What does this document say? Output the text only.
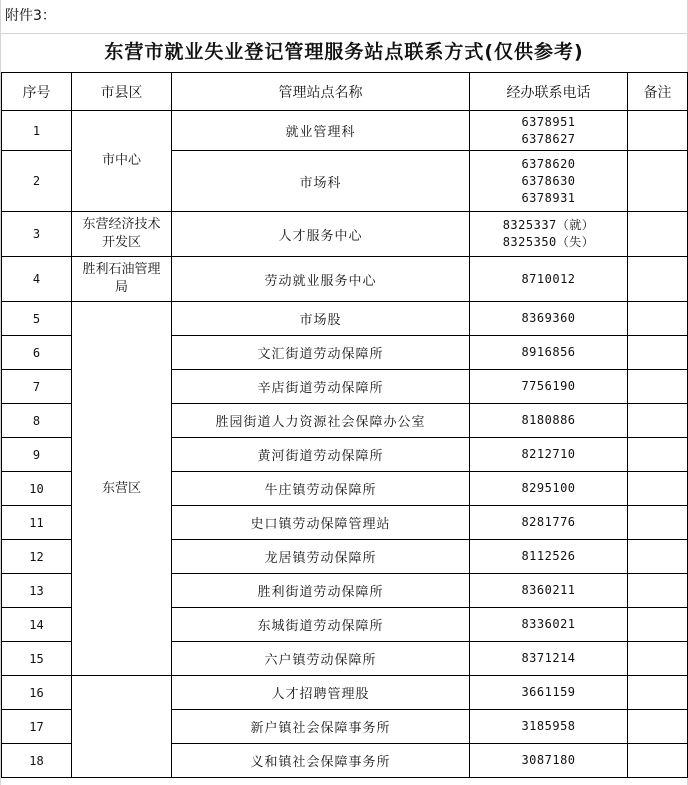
附件3：
东营市就业失业登记管理服务站点联系方式(仅供参考)
序号	市县区	管理站点名称	经办联系电话	备注
1	市中心	就业管理科	6378951
6378627	

2		市场科	6378620
6378630
6378931	

3	东营经济技术开发区	人才服务中心	8325337（就）
8325350（失）	

4	胜利石油管理局	劳动就业服务中心	8710012	
5	东营区	市场股	8369360	
6		文汇街道劳动保障所	8916856	
7		辛店街道劳动保障所	7756190	
8		胜园街道人力资源社会保障办公室	8180886	
9		黄河街道劳动保障所	8212710	
10		牛庄镇劳动保障所	8295100	
11		史口镇劳动保障管理站	8281776	
12		龙居镇劳动保障所	8112526	
13		胜利街道劳动保障所	8360211	
14		东城街道劳动保障所	8336021	
15		六户镇劳动保障所	8371214	
16		人才招聘管理股	3661159	
17		新户镇社会保障事务所	3185958	
18		义和镇社会保障事务所	3087180	
